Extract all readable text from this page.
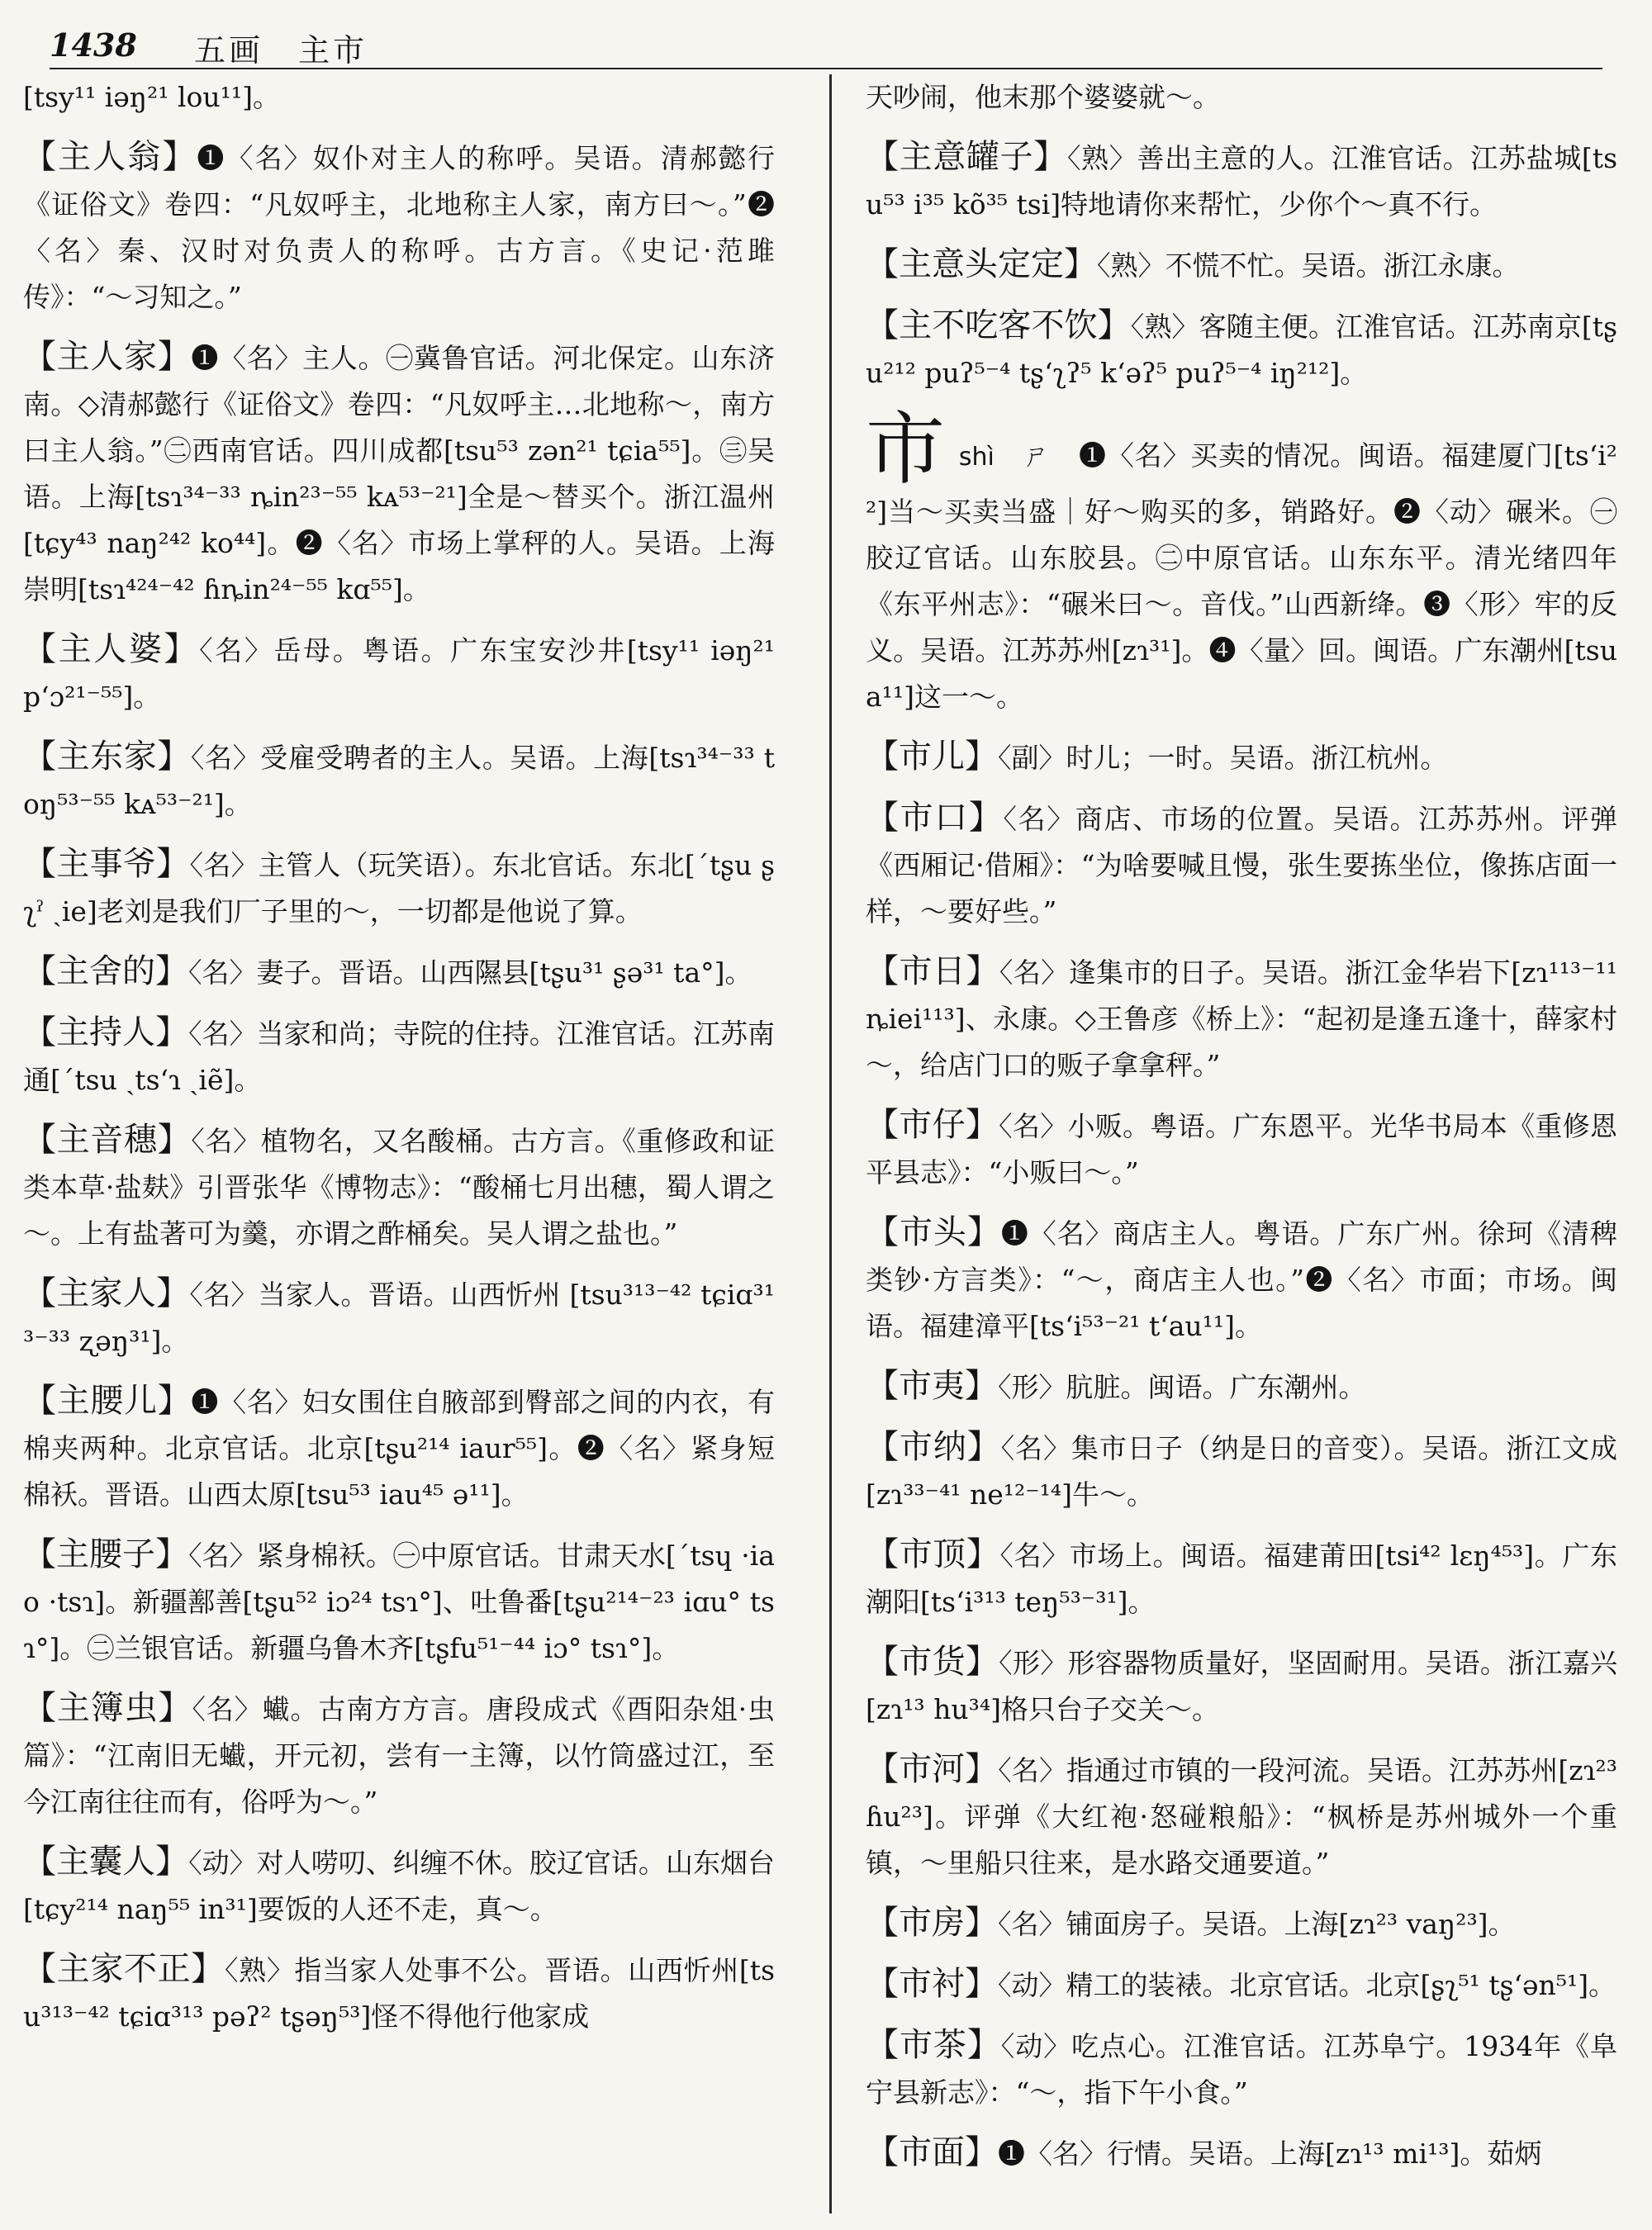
1438 五画　主市

[tsy¹¹ iəŋ²¹ lou¹¹]。

【主人翁】❶〈名〉奴仆对主人的称呼。吴语。清郝懿行《证俗文》卷四：“凡奴呼主，北地称主人家，南方曰～。”❷〈名〉秦、汉时对负责人的称呼。古方言。《史记·范雎传》：“～习知之。”

【主人家】❶〈名〉主人。㊀冀鲁官话。河北保定。山东济南。◇清郝懿行《证俗文》卷四：“凡奴呼主…北地称～，南方曰主人翁。”㊁西南官话。四川成都[tsu⁵³ zən²¹ tɕia⁵⁵]。㊂吴语。上海[tsɿ³⁴⁻³³ ȵin²³⁻⁵⁵ kᴀ⁵³⁻²¹]全是～替买个。浙江温州[tɕy⁴³ naŋ²⁴² ko⁴⁴]。❷〈名〉市场上掌秤的人。吴语。上海崇明[tsɿ⁴²⁴⁻⁴² ɦȵin²⁴⁻⁵⁵ kɑ⁵⁵]。

【主人婆】〈名〉岳母。粤语。广东宝安沙井[tsy¹¹ iəŋ²¹ p‘ɔ²¹⁻⁵⁵]。

【主东家】〈名〉受雇受聘者的主人。吴语。上海[tsɿ³⁴⁻³³ toŋ⁵³⁻⁵⁵ kᴀ⁵³⁻²¹]。

【主事爷】〈名〉主管人（玩笑语）。东北官话。东北[ˊtʂu ʂʅˀ ˏie]老刘是我们厂子里的～，一切都是他说了算。

【主舍的】〈名〉妻子。晋语。山西隰县[tʂu³¹ ʂə³¹ ta°]。

【主持人】〈名〉当家和尚；寺院的住持。江淮官话。江苏南通[ˊtsu ˏts‘ɿ ˏiẽ]。

【主音穗】〈名〉植物名，又名酸桶。古方言。《重修政和证类本草·盐麸》引晋张华《博物志》：“酸桶七月出穗，蜀人谓之～。上有盐著可为羹，亦谓之酢桶矣。吴人谓之盐也。”

【主家人】〈名〉当家人。晋语。山西忻州 [tsu³¹³⁻⁴² tɕiɑ³¹³⁻³³ ʐəŋ³¹]。

【主腰儿】❶〈名〉妇女围住自腋部到臀部之间的内衣，有棉夹两种。北京官话。北京[tʂu²¹⁴ iaur⁵⁵]。❷〈名〉紧身短棉袄。晋语。山西太原[tsu⁵³ iau⁴⁵ ə¹¹]。

【主腰子】〈名〉紧身棉袄。㊀中原官话。甘肃天水[ˊtsɥ ·iao ·tsɿ]。新疆鄯善[tʂu⁵² iɔ²⁴ tsɿ°]、吐鲁番[tʂu²¹⁴⁻²³ iɑu° tsɿ°]。㊁兰银官话。新疆乌鲁木齐[tʂfu⁵¹⁻⁴⁴ iɔ° tsɿ°]。

【主簿虫】〈名〉蠘。古南方方言。唐段成式《酉阳杂俎·虫篇》：“江南旧无蠘，开元初，尝有一主簿，以竹筒盛过江，至今江南往往而有，俗呼为～。”

【主囊人】〈动〉对人唠叨、纠缠不休。胶辽官话。山东烟台[tɕy²¹⁴ naŋ⁵⁵ in³¹]要饭的人还不走，真～。

【主家不正】〈熟〉指当家人处事不公。晋语。山西忻州[tsu³¹³⁻⁴² tɕiɑ³¹³ pəʔ² tʂəŋ⁵³]怪不得他行他家成

天吵闹，他末那个婆婆就～。

【主意罐子】〈熟〉善出主意的人。江淮官话。江苏盐城[tsu⁵³ i³⁵ kõ³⁵ tsi]特地请你来帮忙，少你个～真不行。

【主意头定定】〈熟〉不慌不忙。吴语。浙江永康。

【主不吃客不饮】〈熟〉客随主便。江淮官话。江苏南京[tʂu²¹² puʔ⁵⁻⁴ tʂ‘ʅʔ⁵ k‘əʔ⁵ puʔ⁵⁻⁴ iŋ²¹²]。

市shì　 ㄕ　 ❶〈名〉买卖的情况。闽语。福建厦门[ts‘i²²]当～买卖当盛｜好～购买的多，销路好。❷〈动〉碾米。㊀胶辽官话。山东胶县。㊁中原官话。山东东平。清光绪四年《东平州志》：“碾米曰～。音伐。”山西新绛。❸〈形〉牢的反义。吴语。江苏苏州[zɿ³¹]。❹〈量〉回。闽语。广东潮州[tsua¹¹]这一～。

【市儿】〈副〉时儿；一时。吴语。浙江杭州。

【市口】〈名〉商店、市场的位置。吴语。江苏苏州。评弹《西厢记·借厢》：“为啥要喊且慢，张生要拣坐位，像拣店面一样，～要好些。”

【市日】〈名〉逢集市的日子。吴语。浙江金华岩下[zɿ¹¹³⁻¹¹ ȵiei¹¹³]、永康。◇王鲁彦《桥上》：“起初是逢五逢十，薛家村～，给店门口的贩子拿拿秤。”

【市仔】〈名〉小贩。粤语。广东恩平。光华书局本《重修恩平县志》：“小贩曰～。”

【市头】❶〈名〉商店主人。粤语。广东广州。徐珂《清稗类钞·方言类》：“～，商店主人也。”❷〈名〉市面；市场。闽语。福建漳平[ts‘i⁵³⁻²¹ t‘au¹¹]。

【市夷】〈形〉肮脏。闽语。广东潮州。

【市纳】〈名〉集市日子（纳是日的音变）。吴语。浙江文成[zɿ³³⁻⁴¹ ne¹²⁻¹⁴]牛～。

【市顶】〈名〉市场上。闽语。福建莆田[tsi⁴² lɛŋ⁴⁵³]。广东潮阳[ts‘i³¹³ teŋ⁵³⁻³¹]。

【市货】〈形〉形容器物质量好，坚固耐用。吴语。浙江嘉兴[zɿ¹³ hu³⁴]格只台子交关～。

【市河】〈名〉指通过市镇的一段河流。吴语。江苏苏州[zɿ²³ ɦu²³]。评弹《大红袍·怒碰粮船》：“枫桥是苏州城外一个重镇，～里船只往来，是水路交通要道。”

【市房】〈名〉铺面房子。吴语。上海[zɿ²³ vaŋ²³]。

【市衬】〈动〉精工的装裱。北京官话。北京[ʂʅ⁵¹ tʂ‘ən⁵¹]。

【市茶】〈动〉吃点心。江淮官话。江苏阜宁。1934年《阜宁县新志》：“～，指下午小食。”

【市面】❶〈名〉行情。吴语。上海[zɿ¹³ mi¹³]。茹炳
